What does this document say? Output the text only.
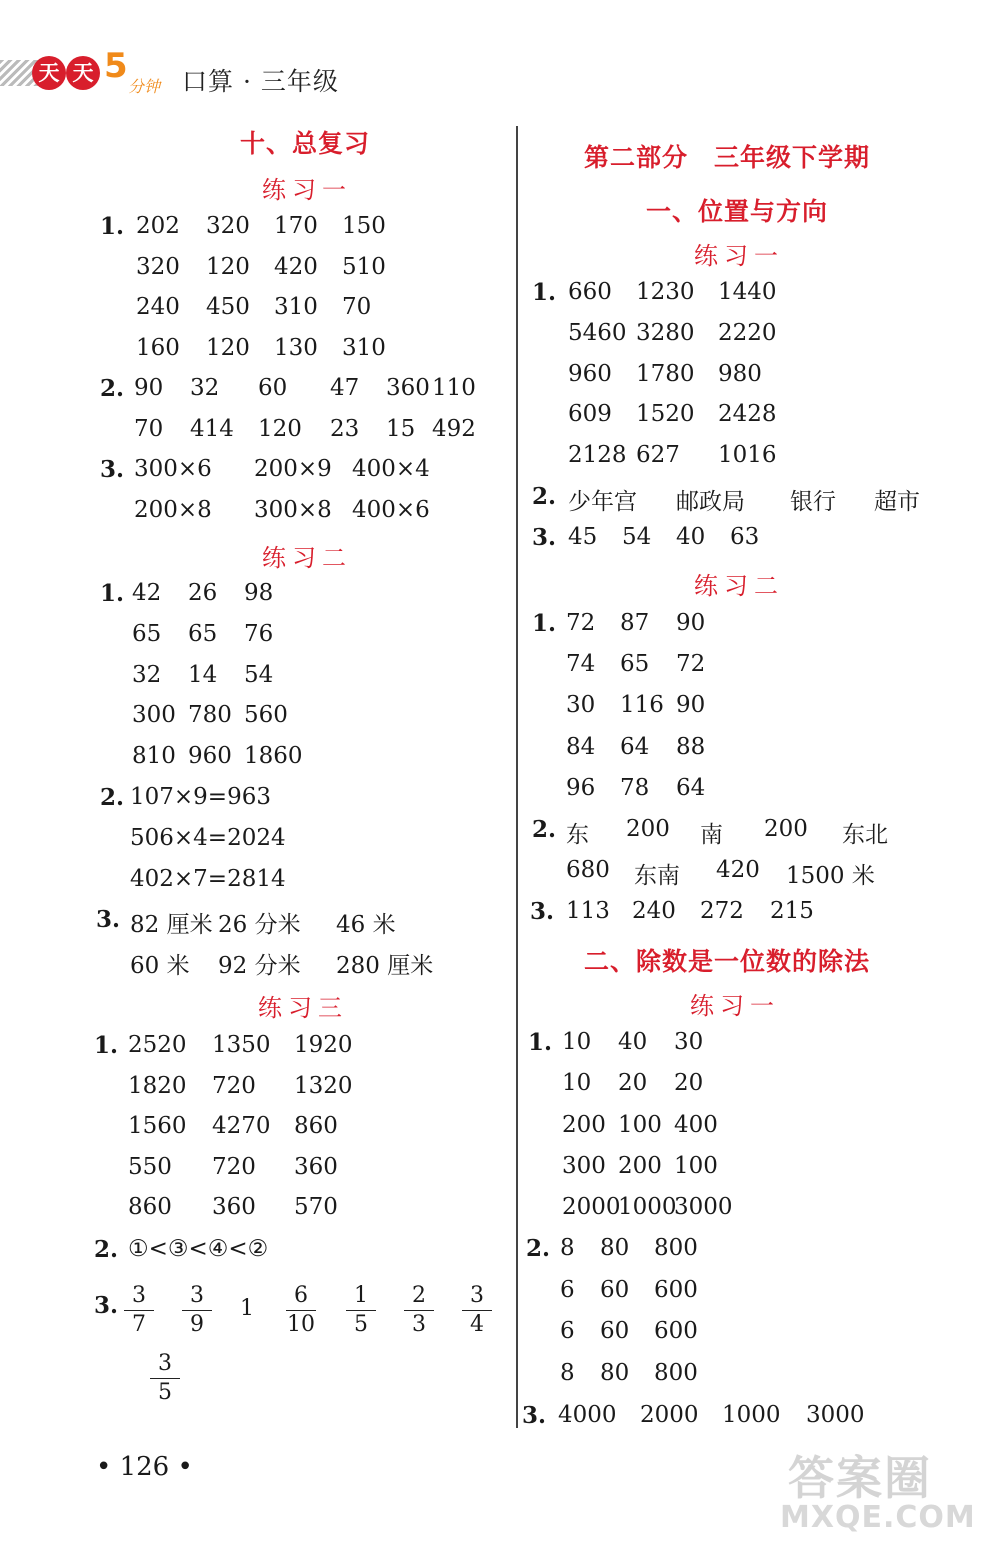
天 天 5
分钟 口算 · 三年级
十、总复习
练习一
1. 202 320 170 150
320 120 420 510
240 450 310 70
160 120 130 310
2. 90 32 60 47 360 110
70 414 120 23 15 492
3. 300×6 200×9 400×4
200×8 300×8 400×6
练习二
1. 42 26 98
65 65 76
32 14 54
300 780 560
810 960 1860
2. 107×9=963
506×4=2024
402×7=2814
3. 82 厘米 26 分米 46 米
60 米 92 分米 280 厘米
练习三
1. 2520 1350 1920
1820 720 1320
1560 4270 860
550 720 360
860 360 570
2. ①<③<④<②
3. $\frac{3}{7} \frac{3}{9} 1 \frac{6}{10} \frac{1}{5} \frac{2}{3} \frac{3}{4}$
$\frac{3}{5}$
第二部分　三年级下学期
一、位置与方向
练习一
1. 660 1230 1440
5460 3280 2220
960 1780 980
609 1520 2428
2128 627 1016
2. 少年宫 邮政局 银行 超市
3. 45 54 40 63
练习二
1. 72 87 90
74 65 72
30 116 90
84 64 88
96 78 64
2. 东 200 南 200 东北
680 东南 420 1500 米
3. 113 240 272 215
二、除数是一位数的除法
练习一
1. 10 40 30
10 20 20
200 100 400
300 200 100
2000
1000
3000
2. 8 80 800
6 60 600
6 60 600
8 80 800
3. 4000 2000 1000 3000
• 126 •	答案圈
MXQE.COM
